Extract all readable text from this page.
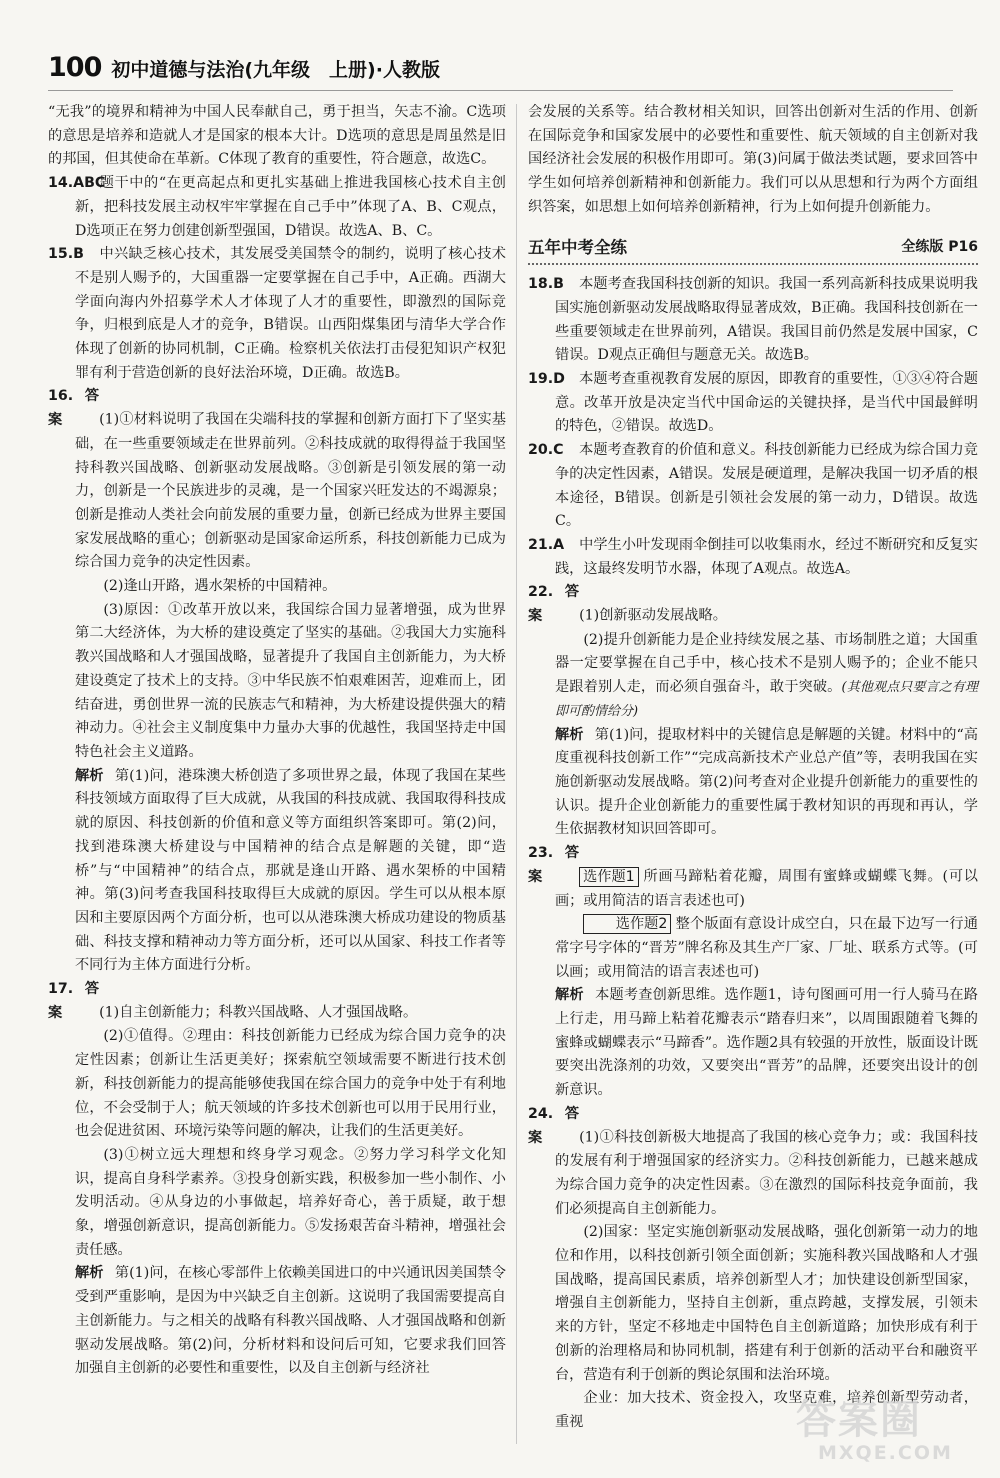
100 初中道德与法治(九年级　上册)·人教版

“无我”的境界和精神为中国人民奉献自己，勇于担当，矢志不渝。C选项的意思是培养和造就人才是国家的根本大计。D选项的意思是周虽然是旧的邦国，但其使命在革新。C体现了教育的重要性，符合题意，故选C。

14.ABC题干中的“在更高起点和更扎实基础上推进我国核心技术自主创新，把科技发展主动权牢牢掌握在自己手中”体现了A、B、C观点，D选项正在努力创建创新型强国，D错误。故选A、B、C。
15.B 中兴缺乏核心技术，其发展受美国禁令的制约，说明了核心技术不是别人赐予的，大国重器一定要掌握在自己手中，A正确。西湖大学面向海内外招募学术人才体现了人才的重要性，即激烈的国际竞争，归根到底是人才的竞争，B错误。山西阳煤集团与清华大学合作体现了创新的协同机制，C正确。检察机关依法打击侵犯知识产权犯罪有利于营造创新的良好法治环境，D正确。故选B。
16.答案	(1)①材料说明了我国在尖端科技的掌握和创新方面打下了坚实基础，在一些重要领域走在世界前列。②科技成就的取得得益于我国坚持科教兴国战略、创新驱动发展战略。③创新是引领发展的第一动力，创新是一个民族进步的灵魂，是一个国家兴旺发达的不竭源泉；创新是推动人类社会向前发展的重要力量，创新已经成为世界主要国家发展战略的重心；创新驱动是国家命运所系，科技创新能力已成为综合国力竞争的决定性因素。

(2)逢山开路，遇水架桥的中国精神。

(3)原因：①改革开放以来，我国综合国力显著增强，成为世界第二大经济体，为大桥的建设奠定了坚实的基础。②我国大力实施科教兴国战略和人才强国战略，显著提升了我国自主创新能力，为大桥建设奠定了技术上的支持。③中华民族不怕艰难困苦，迎难而上，团结奋进，勇创世界一流的民族志气和精神，为大桥建设提供强大的精神动力。④社会主义制度集中力量办大事的优越性，我国坚持走中国特色社会主义道路。

解析 第(1)问，港珠澳大桥创造了多项世界之最，体现了我国在某些科技领域方面取得了巨大成就，从我国的科技成就、我国取得科技成就的原因、科技创新的价值和意义等方面组织答案即可。第(2)问，找到港珠澳大桥建设与中国精神的结合点是解题的关键，即“造桥”与“中国精神”的结合点，那就是逢山开路、遇水架桥的中国精神。第(3)问考查我国科技取得巨大成就的原因。学生可以从根本原因和主要原因两个方面分析，也可以从港珠澳大桥成功建设的物质基础、科技支撑和精神动力等方面分析，还可以从国家、科技工作者等不同行为主体方面进行分析。

17.答案	(1)自主创新能力；科教兴国战略、人才强国战略。

(2)①值得。②理由：科技创新能力已经成为综合国力竞争的决定性因素；创新让生活更美好；探索航空领域需要不断进行技术创新，科技创新能力的提高能够使我国在综合国力的竞争中处于有利地位，不会受制于人；航天领域的许多技术创新也可以用于民用行业，也会促进贫困、环境污染等问题的解决，让我们的生活更美好。

(3)①树立远大理想和终身学习观念。②努力学习科学文化知识，提高自身科学素养。③投身创新实践，积极参加一些小制作、小发明活动。④从身边的小事做起，培养好奇心，善于质疑，敢于想象，增强创新意识，提高创新能力。⑤发扬艰苦奋斗精神，增强社会责任感。

解析 第(1)问，在核心零部件上依赖美国进口的中兴通讯因美国禁令受到严重影响，是因为中兴缺乏自主创新。这说明了我国需要提高自主创新能力。与之相关的战略有科教兴国战略、人才强国战略和创新驱动发展战略。第(2)问，分析材料和设问后可知，它要求我们回答加强自主创新的必要性和重要性，以及自主创新与经济社

会发展的关系等。结合教材相关知识，回答出创新对生活的作用、创新在国际竞争和国家发展中的必要性和重要性、航天领域的自主创新对我国经济社会发展的积极作用即可。第(3)问属于做法类试题，要求回答中学生如何培养创新精神和创新能力。我们可以从思想和行为两个方面组织答案，如思想上如何培养创新精神，行为上如何提升创新能力。

五年中考全练	全练版 P16
18.B 本题考查我国科技创新的知识。我国一系列高新科技成果说明我国实施创新驱动发展战略取得显著成效，B正确。我国科技创新在一些重要领域走在世界前列，A错误。我国目前仍然是发展中国家，C错误。D观点正确但与题意无关。故选B。
19.D 本题考查重视教育发展的原因，即教育的重要性，①③④符合题意。改革开放是决定当代中国命运的关键抉择，是当代中国最鲜明的特色，②错误。故选D。
20.C 本题考查教育的价值和意义。科技创新能力已经成为综合国力竞争的决定性因素，A错误。发展是硬道理，是解决我国一切矛盾的根本途径，B错误。创新是引领社会发展的第一动力，D错误。故选C。
21.A 中学生小叶发现雨伞倒挂可以收集雨水，经过不断研究和反复实践，这最终发明节水器，体现了A观点。故选A。
22.答案	(1)创新驱动发展战略。

(2)提升创新能力是企业持续发展之基、市场制胜之道；大国重器一定要掌握在自己手中，核心技术不是别人赐予的；企业不能只是跟着别人走，而必须自强奋斗，敢于突破。(其他观点只要言之有理即可酌情给分)

解析 第(1)问，提取材料中的关键信息是解题的关键。材料中的“高度重视科技创新工作”“完成高新技术产业总产值”等，表明我国在实施创新驱动发展战略。第(2)问考查对企业提升创新能力的重要性的认识。提升企业创新能力的重要性属于教材知识的再现和再认，学生依据教材知识回答即可。

23.答案	选作题1 所画马蹄粘着花瓣，周围有蜜蜂或蝴蝶飞舞。(可以画；或用简洁的语言表述也可)

选作题2 整个版面有意设计成空白，只在最下边写一行通常字号字体的“晋芳”牌名称及其生产厂家、厂址、联系方式等。(可以画；或用简洁的语言表述也可)

解析 本题考查创新思维。选作题1，诗句图画可用一行人骑马在路上行走，用马蹄上粘着花瓣表示“踏春归来”，以周围跟随着飞舞的蜜蜂或蝴蝶表示“马蹄香”。选作题2具有较强的开放性，版面设计既要突出洗涤剂的功效，又要突出“晋芳”的品牌，还要突出设计的创新意识。

24.答案	(1)①科技创新极大地提高了我国的核心竞争力；或：我国科技的发展有利于增强国家的经济实力。②科技创新能力，已越来越成为综合国力竞争的决定性因素。③在激烈的国际科技竞争面前，我们必须提高自主创新能力。

(2)国家：坚定实施创新驱动发展战略，强化创新第一动力的地位和作用，以科技创新引领全面创新；实施科教兴国战略和人才强国战略，提高国民素质，培养创新型人才；加快建设创新型国家，增强自主创新能力，坚持自主创新，重点跨越，支撑发展，引领未来的方针，坚定不移地走中国特色自主创新道路；加快形成有利于创新的治理格局和协同机制，搭建有利于创新的活动平台和融资平台，营造有利于创新的舆论氛围和法治环境。

企业：加大技术、资金投入，攻坚克难，培养创新型劳动者，重视	答案圈
MXQE.COM
